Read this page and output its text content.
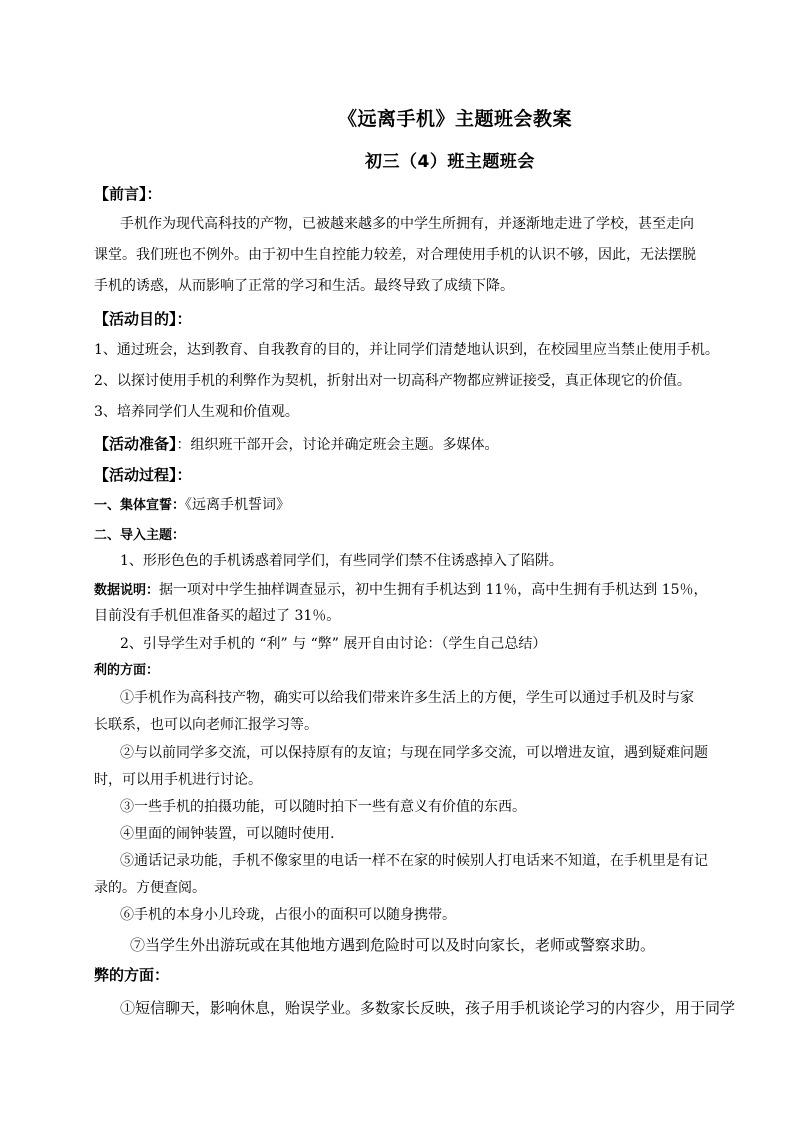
《远离手机》主题班会教案
初三（4）班主题班会
【前言】：
手机作为现代高科技的产物，已被越来越多的中学生所拥有，并逐渐地走进了学校，甚至走向
课堂。我们班也不例外。由于初中生自控能力较差，对合理使用手机的认识不够，因此，无法摆脱
手机的诱惑，从而影响了正常的学习和生活。最终导致了成绩下降。
【活动目的】：
1、通过班会，达到教育、自我教育的目的，并让同学们清楚地认识到，在校园里应当禁止使用手机。
2、以探讨使用手机的利弊作为契机，折射出对一切高科产物都应辨证接受，真正体现它的价值。
3、培养同学们人生观和价值观。
【活动准备】：组织班干部开会，讨论并确定班会主题。多媒体。
【活动过程】：
一、集体宣誓：《远离手机誓词》
二、导入主题：
1、形形色色的手机诱惑着同学们，有些同学们禁不住诱惑掉入了陷阱。
数据说明：据一项对中学生抽样调查显示，初中生拥有手机达到 11％，高中生拥有手机达到 15％，
目前没有手机但准备买的超过了 31％。
2、引导学生对手机的 “利” 与 “弊” 展开自由讨论：（学生自己总结）
利的方面：
①手机作为高科技产物，确实可以给我们带来许多生活上的方便，学生可以通过手机及时与家
长联系，也可以向老师汇报学习等。
②与以前同学多交流，可以保持原有的友谊；与现在同学多交流，可以增进友谊，遇到疑难问题
时，可以用手机进行讨论。
③一些手机的拍摄功能，可以随时拍下一些有意义有价值的东西。
④里面的闹钟装置，可以随时使用.
⑤通话记录功能，手机不像家里的电话一样不在家的时候别人打电话来不知道，在手机里是有记
录的。方便查阅。
⑥手机的本身小儿玲珑，占很小的面积可以随身携带。
⑦当学生外出游玩或在其他地方遇到危险时可以及时向家长，老师或警察求助。
弊的方面：
①短信聊天，影响休息，贻误学业。多数家长反映，孩子用手机谈论学习的内容少，用于同学
